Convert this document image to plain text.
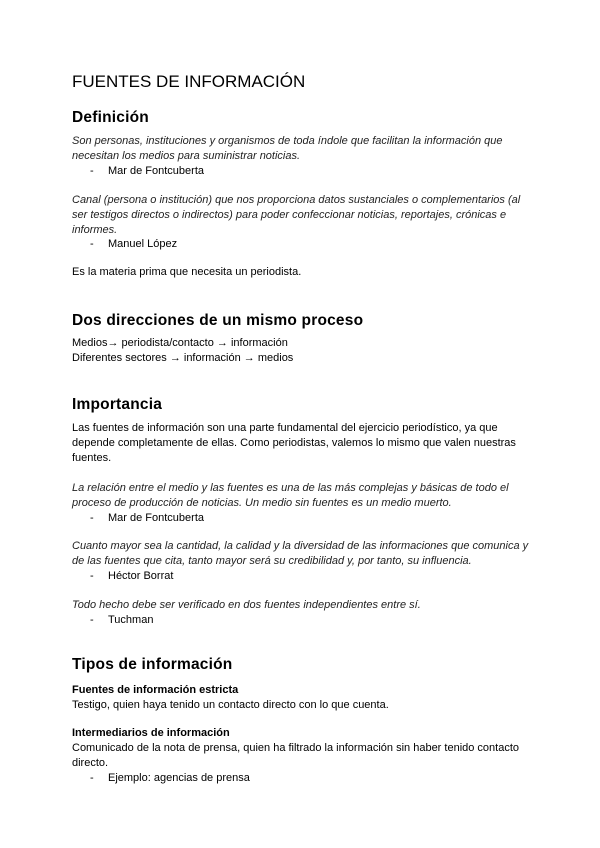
FUENTES DE INFORMACIÓN
Definición
Son personas, instituciones y organismos de toda índole que facilitan la información que necesitan los medios para suministrar noticias.
- Mar de Fontcuberta
Canal (persona o institución) que nos proporciona datos sustanciales o complementarios (al ser testigos directos o indirectos) para poder confeccionar noticias, reportajes, crónicas e informes.
- Manuel López
Es la materia prima que necesita un periodista.
Dos direcciones de un mismo proceso
Medios→ periodista/contacto → información
Diferentes sectores → información → medios
Importancia
Las fuentes de información son una parte fundamental del ejercicio periodístico, ya que depende completamente de ellas. Como periodistas, valemos lo mismo que valen nuestras fuentes.
La relación entre el medio y las fuentes es una de las más complejas y básicas de todo el proceso de producción de noticias. Un medio sin fuentes es un medio muerto.
- Mar de Fontcuberta
Cuanto mayor sea la cantidad, la calidad y la diversidad de las informaciones que comunica y de las fuentes que cita, tanto mayor será su credibilidad y, por tanto, su influencia.
- Héctor Borrat
Todo hecho debe ser verificado en dos fuentes independientes entre sí.
- Tuchman
Tipos de información
Fuentes de información estricta
Testigo, quien haya tenido un contacto directo con lo que cuenta.
Intermediarios de información
Comunicado de la nota de prensa, quien ha filtrado la información sin haber tenido contacto directo.
- Ejemplo: agencias de prensa
